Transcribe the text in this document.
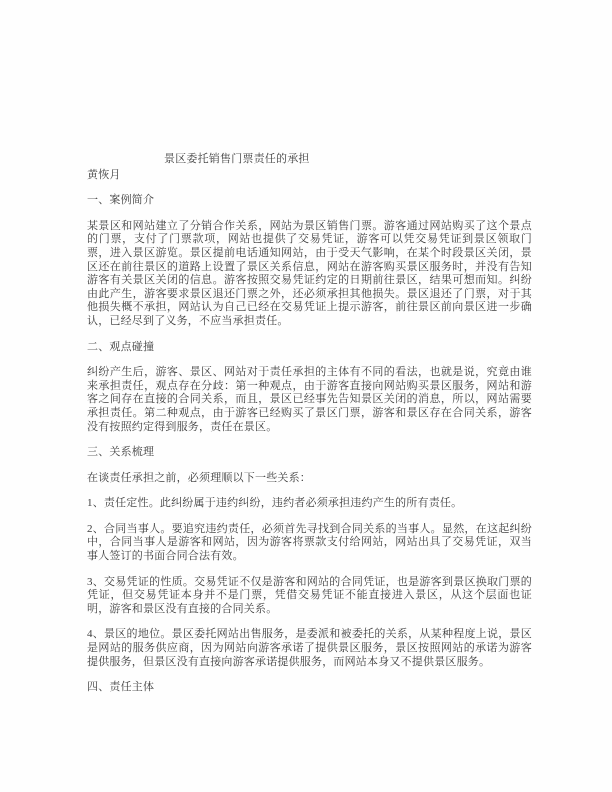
景区委托销售门票责任的承担
黄恢月
一、案例简介
某景区和网站建立了分销合作关系，网站为景区销售门票。游客通过网站购买了这个景点的门票，支付了门票款项，网站也提供了交易凭证，游客可以凭交易凭证到景区领取门票，进入景区游览。景区提前电话通知网站，由于受天气影响，在某个时段景区关闭，景区还在前往景区的道路上设置了景区关系信息，网站在游客购买景区服务时，并没有告知游客有关景区关闭的信息。游客按照交易凭证约定的日期前往景区，结果可想而知。纠纷由此产生，游客要求景区退还门票之外，还必须承担其他损失。景区退还了门票，对于其他损失概不承担，网站认为自己已经在交易凭证上提示游客，前往景区前向景区进一步确认，已经尽到了义务，不应当承担责任。
二、观点碰撞
纠纷产生后，游客、景区、网站对于责任承担的主体有不同的看法，也就是说，究竟由谁来承担责任，观点存在分歧：第一种观点，由于游客直接向网站购买景区服务，网站和游客之间存在直接的合同关系，而且，景区已经事先告知景区关闭的消息，所以，网站需要承担责任。第二种观点，由于游客已经购买了景区门票，游客和景区存在合同关系，游客没有按照约定得到服务，责任在景区。
三、关系梳理
在谈责任承担之前，必须理顺以下一些关系：
1、责任定性。此纠纷属于违约纠纷，违约者必须承担违约产生的所有责任。
2、合同当事人。要追究违约责任，必须首先寻找到合同关系的当事人。显然，在这起纠纷中，合同当事人是游客和网站，因为游客将票款支付给网站，网站出具了交易凭证，双当事人签订的书面合同合法有效。
3、交易凭证的性质。交易凭证不仅是游客和网站的合同凭证，也是游客到景区换取门票的凭证，但交易凭证本身并不是门票，凭借交易凭证不能直接进入景区，从这个层面也证明，游客和景区没有直接的合同关系。
4、景区的地位。景区委托网站出售服务，是委派和被委托的关系，从某种程度上说，景区是网站的服务供应商，因为网站向游客承诺了提供景区服务，景区按照网站的承诺为游客提供服务，但景区没有直接向游客承诺提供服务，而网站本身又不提供景区服务。
四、责任主体
